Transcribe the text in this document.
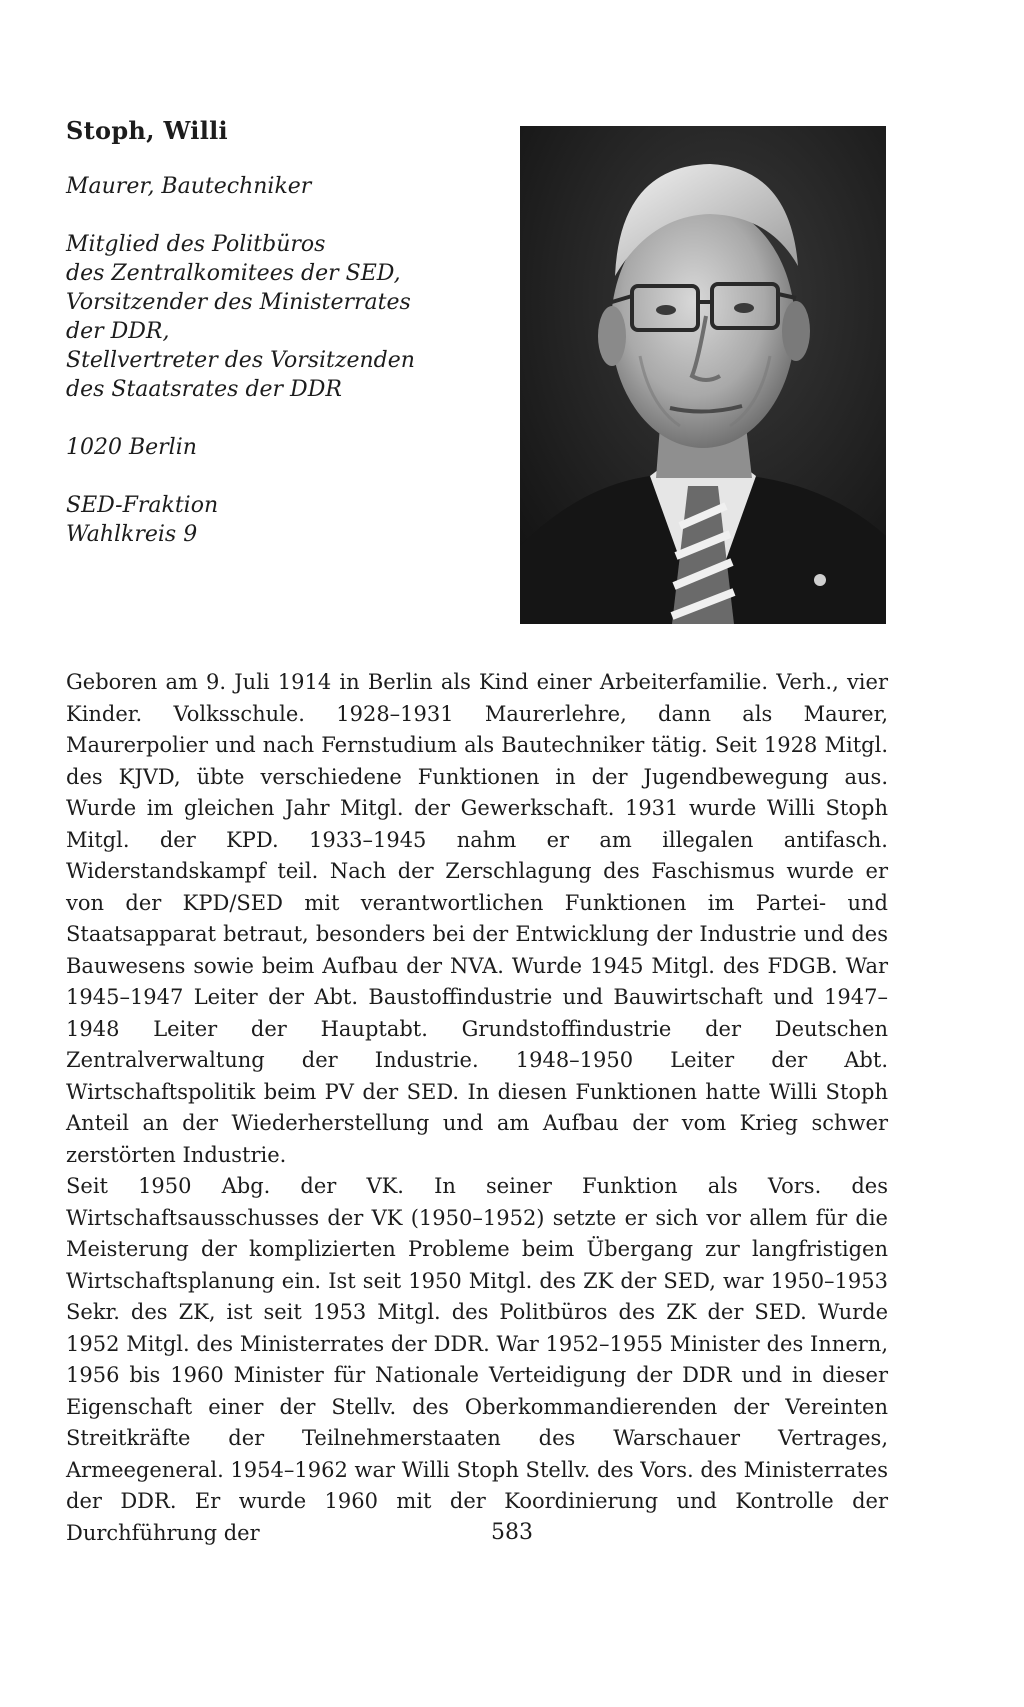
Stoph, Willi
Maurer, Bautechniker
Mitglied des Politbüros
des Zentralkomitees der SED,
Vorsitzender des Ministerrates
der DDR,
Stellvertreter des Vorsitzenden
des Staatsrates der DDR
1020 Berlin
SED-Fraktion
Wahlkreis 9

Geboren am 9. Juli 1914 in Berlin als Kind einer Arbeiterfamilie. Verh., vier Kinder. Volksschule. 1928–1931 Maurerlehre, dann als Maurer, Maurerpolier und nach Fernstudium als Bautechniker tätig. Seit 1928 Mitgl. des KJVD, übte verschiedene Funktionen in der Jugendbewegung aus. Wurde im gleichen Jahr Mitgl. der Gewerkschaft. 1931 wurde Willi Stoph Mitgl. der KPD. 1933–1945 nahm er am illegalen antifasch. Widerstandskampf teil. Nach der Zerschlagung des Faschismus wurde er von der KPD/SED mit verantwortlichen Funktionen im Partei- und Staatsapparat betraut, besonders bei der Entwicklung der Industrie und des Bauwesens sowie beim Aufbau der NVA. Wurde 1945 Mitgl. des FDGB. War 1945–1947 Leiter der Abt. Baustoffindustrie und Bauwirtschaft und 1947–1948 Leiter der Hauptabt. Grundstoffindustrie der Deutschen Zentralverwaltung der Industrie. 1948–1950 Leiter der Abt. Wirtschaftspolitik beim PV der SED. In diesen Funktionen hatte Willi Stoph Anteil an der Wiederherstellung und am Aufbau der vom Krieg schwer zerstörten Industrie.

Seit 1950 Abg. der VK. In seiner Funktion als Vors. des Wirtschaftsausschusses der VK (1950–1952) setzte er sich vor allem für die Meisterung der komplizierten Probleme beim Übergang zur langfristigen Wirtschaftsplanung ein. Ist seit 1950 Mitgl. des ZK der SED, war 1950–1953 Sekr. des ZK, ist seit 1953 Mitgl. des Politbüros des ZK der SED. Wurde 1952 Mitgl. des Ministerrates der DDR. War 1952–1955 Minister des Innern, 1956 bis 1960 Minister für Nationale Verteidigung der DDR und in dieser Eigenschaft einer der Stellv. des Oberkommandierenden der Vereinten Streitkräfte der Teilnehmerstaaten des Warschauer Vertrages, Armeegeneral. 1954–1962 war Willi Stoph Stellv. des Vors. des Ministerrates der DDR. Er wurde 1960 mit der Koordinierung und Kontrolle der Durchführung der	583
